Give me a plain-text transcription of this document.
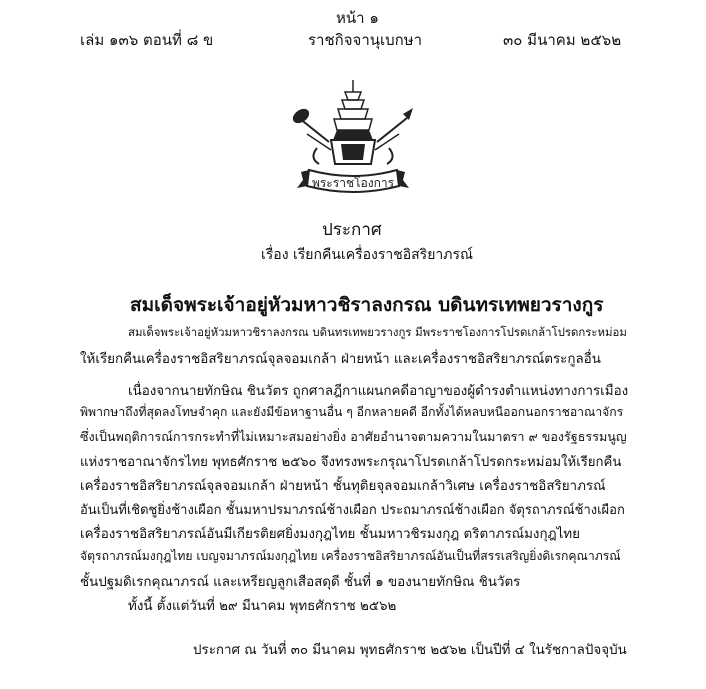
หน้า ๑
เล่ม ๑๓๖ ตอนที่ ๘ ข	ราชกิจจานุเบกษา	๓๐ มีนาคม ๒๕๖๒
พระราชโองการ
ประกาศ
เรื่อง เรียกคืนเครื่องราชอิสริยาภรณ์
สมเด็จพระเจ้าอยู่หัวมหาวชิราลงกรณ บดินทรเทพยวรางกูร
สมเด็จพระเจ้าอยู่หัวมหาวชิราลงกรณ บดินทรเทพยวรางกูร มีพระราชโองการโปรดเกล้าโปรดกระหม่อม
ให้เรียกคืนเครื่องราชอิสริยาภรณ์จุลจอมเกล้า ฝ่ายหน้า และเครื่องราชอิสริยาภรณ์ตระกูลอื่น
เนื่องจากนายทักษิณ ชินวัตร ถูกศาลฎีกาแผนกคดีอาญาของผู้ดำรงตำแหน่งทางการเมือง
พิพากษาถึงที่สุดลงโทษจำคุก และยังมีข้อหาฐานอื่น ๆ อีกหลายคดี อีกทั้งได้หลบหนีออกนอกราชอาณาจักร
ซึ่งเป็นพฤติการณ์การกระทำที่ไม่เหมาะสมอย่างยิ่ง อาศัยอำนาจตามความในมาตรา ๙ ของรัฐธรรมนูญ
แห่งราชอาณาจักรไทย พุทธศักราช ๒๕๖๐ จึงทรงพระกรุณาโปรดเกล้าโปรดกระหม่อมให้เรียกคืน
เครื่องราชอิสริยาภรณ์จุลจอมเกล้า ฝ่ายหน้า ชั้นทุติยจุลจอมเกล้าวิเศษ เครื่องราชอิสริยาภรณ์
อันเป็นที่เชิดชูยิ่งช้างเผือก ชั้นมหาปรมาภรณ์ช้างเผือก ประถมาภรณ์ช้างเผือก จัตุรถาภรณ์ช้างเผือก
เครื่องราชอิสริยาภรณ์อันมีเกียรติยศยิ่งมงกุฎไทย ชั้นมหาวชิรมงกุฎ ตริตาภรณ์มงกุฎไทย
จัตุรถาภรณ์มงกุฎไทย เบญจมาภรณ์มงกุฎไทย เครื่องราชอิสริยาภรณ์อันเป็นที่สรรเสริญยิ่งดิเรกคุณาภรณ์
ชั้นปฐมดิเรกคุณาภรณ์ และเหรียญลูกเสือสดุดี ชั้นที่ ๑ ของนายทักษิณ ชินวัตร
ทั้งนี้ ตั้งแต่วันที่ ๒๙ มีนาคม พุทธศักราช ๒๕๖๒
ประกาศ ณ วันที่ ๓๐ มีนาคม พุทธศักราช ๒๕๖๒ เป็นปีที่ ๔ ในรัชกาลปัจจุบัน
